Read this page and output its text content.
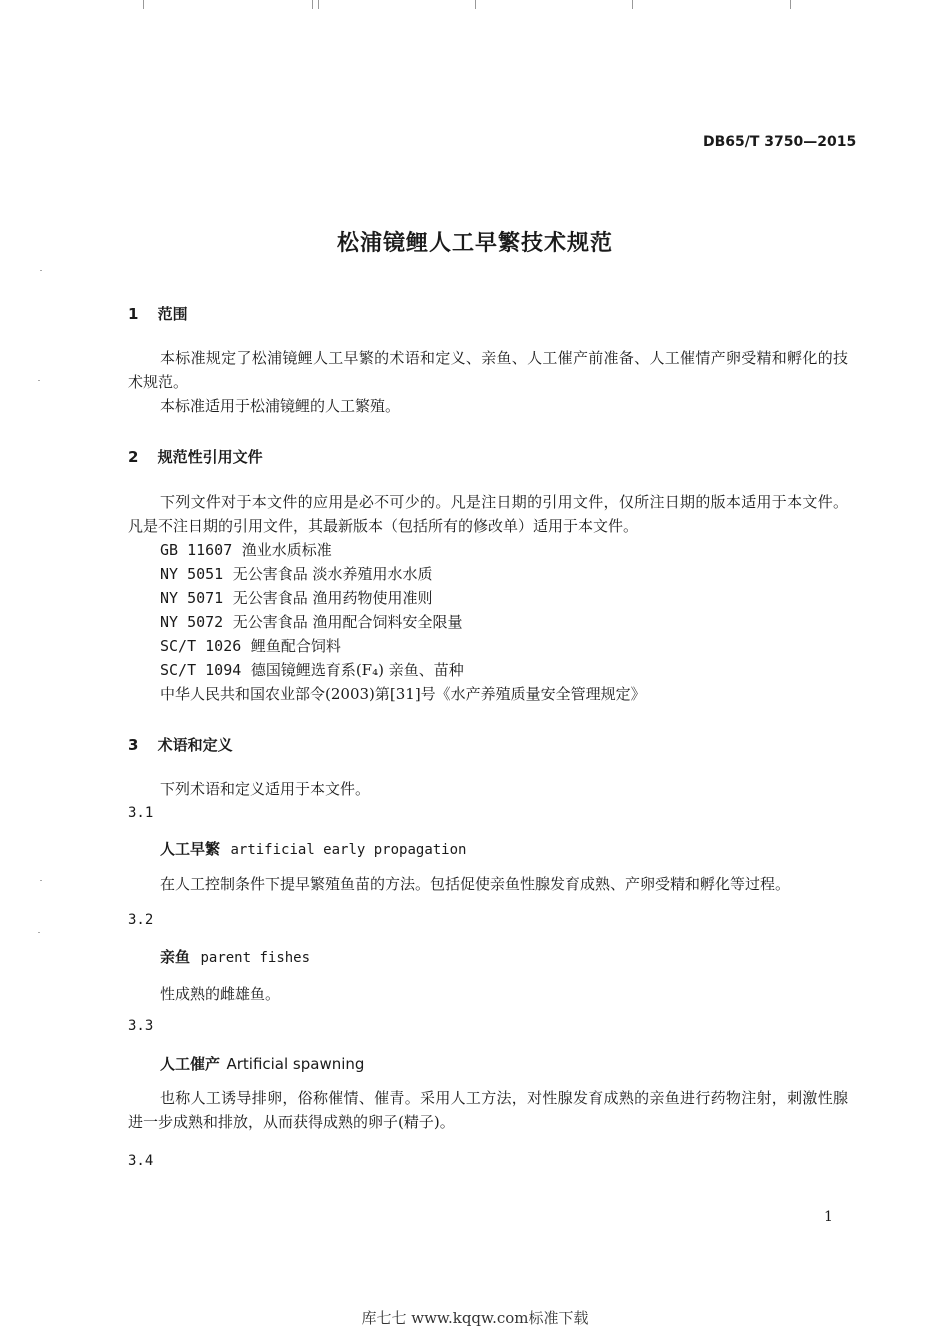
DB65/T 3750—2015
松浦镜鲤人工早繁技术规范
1 范围
本标准规定了松浦镜鲤人工早繁的术语和定义、亲鱼、人工催产前准备、人工催情产卵受精和孵化的技术规范。
本标准适用于松浦镜鲤的人工繁殖。
2 规范性引用文件
下列文件对于本文件的应用是必不可少的。凡是注日期的引用文件，仅所注日期的版本适用于本文件。凡是不注日期的引用文件，其最新版本（包括所有的修改单）适用于本文件。
GB 11607 渔业水质标准
NY 5051 无公害食品 淡水养殖用水水质
NY 5071 无公害食品 渔用药物使用准则
NY 5072 无公害食品 渔用配合饲料安全限量
SC/T 1026 鲤鱼配合饲料
SC/T 1094 德国镜鲤选育系(F₄) 亲鱼、苗种
中华人民共和国农业部令(2003)第[31]号《水产养殖质量安全管理规定》
3 术语和定义
下列术语和定义适用于本文件。
3.1
人工早繁 artificial early propagation
在人工控制条件下提早繁殖鱼苗的方法。包括促使亲鱼性腺发育成熟、产卵受精和孵化等过程。
3.2
亲鱼 parent fishes
性成熟的雌雄鱼。
3.3
人工催产 Artificial spawning
也称人工诱导排卵，俗称催情、催青。采用人工方法，对性腺发育成熟的亲鱼进行药物注射，刺激性腺进一步成熟和排放，从而获得成熟的卵子(精子)。
3.4
1
库七七 www.kqqw.com标准下载
